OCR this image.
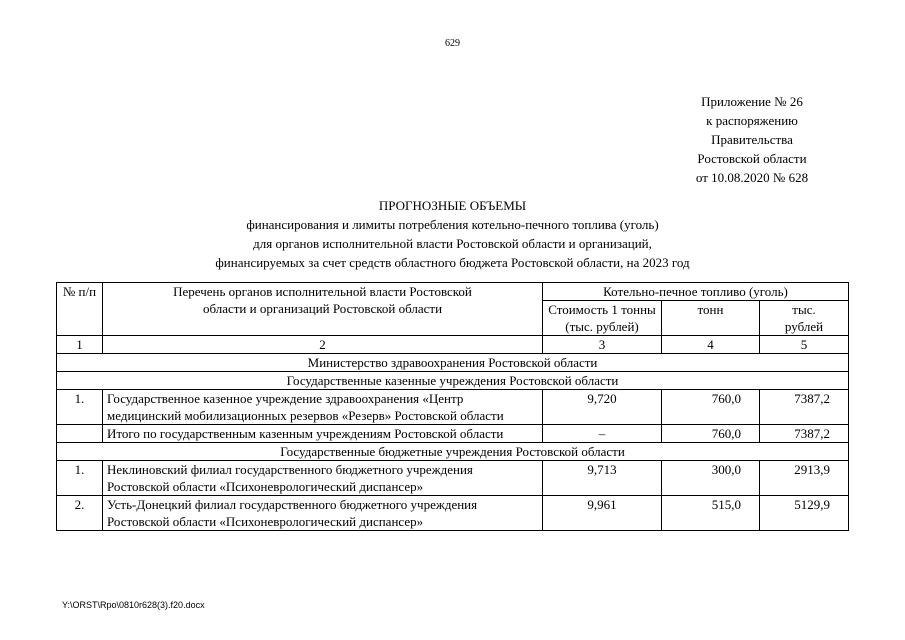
629
Приложение № 26
к распоряжению
Правительства
Ростовской области
от 10.08.2020 № 628
ПРОГНОЗНЫЕ ОБЪЕМЫ
финансирования и лимиты потребления котельно-печного топлива (уголь)
для органов исполнительной власти Ростовской области и организаций,
финансируемых за счет средств областного бюджета Ростовской области, на 2023 год
№ п/п	Перечень органов исполнительной власти Ростовской области и организаций Ростовской области	Котельно-печное топливо (уголь)		
		Стоимость 1 тонны (тыс. рублей)	тонн	тыс. рублей
1	2	3	4	5
Министерство здравоохранения Ростовской области				
Государственные казенные учреждения Ростовской области				
1.	Государственное казенное учреждение здравоохранения «Центр медицинский мобилизационных резервов «Резерв» Ростовской области	9,720	760,0	7387,2
	Итого по государственным казенным учреждениям Ростовской области	–	760,0	7387,2
Государственные бюджетные учреждения Ростовской области				
1.	Неклиновский филиал государственного бюджетного учреждения Ростовской области «Психоневрологический диспансер»	9,713	300,0	2913,9
2.	Усть-Донецкий филиал государственного бюджетного учреждения Ростовской области «Психоневрологический диспансер»	9,961	515,0	5129,9
Y:\ORST\Rpo\0810r628(3).f20.docx
